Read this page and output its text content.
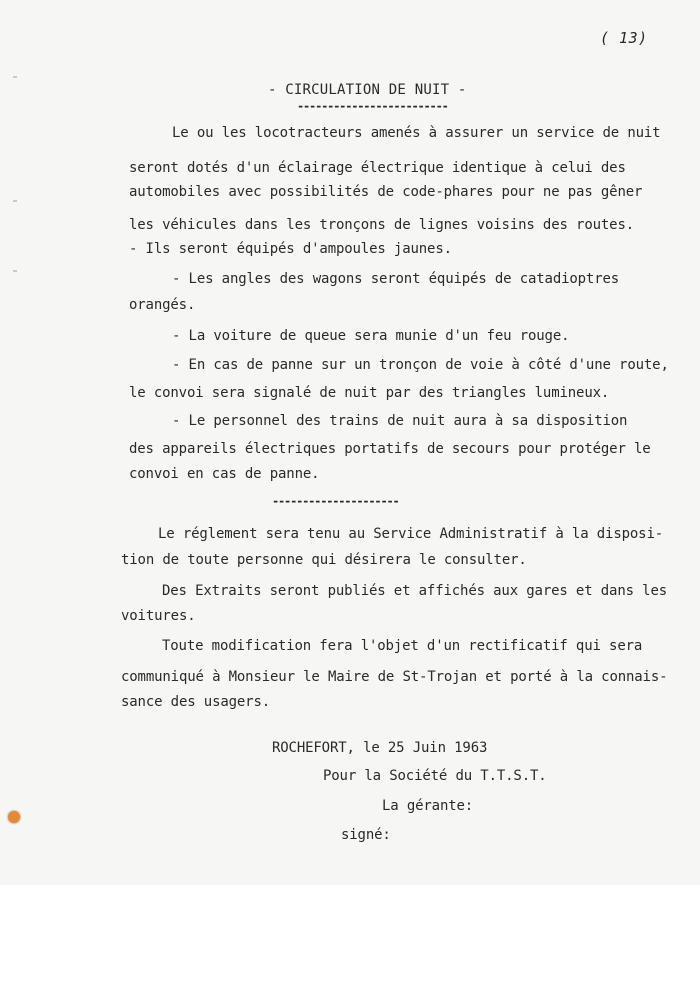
( 13)
- CIRCULATION DE NUIT -
-------------------------
Le ou les locotracteurs amenés à assurer un service de nuit
seront dotés d'un éclairage électrique identique à celui des
automobiles avec possibilités de code-phares pour ne pas gêner
les véhicules dans les tronçons de lignes voisins des routes.
- Ils seront équipés d'ampoules jaunes.
- Les angles des wagons seront équipés de catadioptres
orangés.
- La voiture de queue sera munie d'un feu rouge.
- En cas de panne sur un tronçon de voie à côté d'une route,
le convoi sera signalé de nuit par des triangles lumineux.
- Le personnel des trains de nuit aura à sa disposition
des appareils électriques portatifs de secours pour protéger le
convoi en cas de panne.
---------------------
Le réglement sera tenu au Service Administratif à la disposi-
tion de toute personne qui désirera le consulter.
Des Extraits seront publiés et affichés aux gares et dans les
voitures.
Toute modification fera l'objet d'un rectificatif qui sera
communiqué à Monsieur le Maire de St-Trojan et porté à la connais-
sance des usagers.
ROCHEFORT, le 25 Juin 1963
Pour la Société du T.T.S.T.
La gérante:
signé:
